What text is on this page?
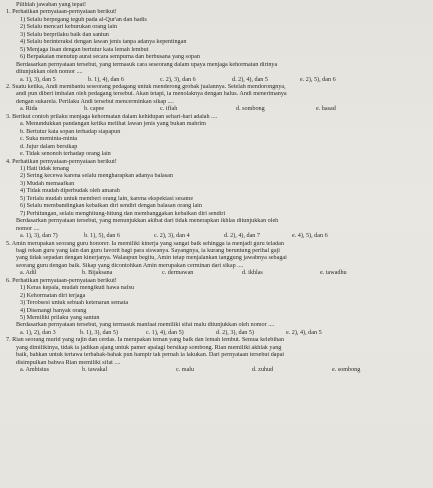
Pilihlah jawaban yang tepat!
1. Perhatikan pernyataan-pernyataan berikut!
1) Selalu berpegang teguh pada al-Qur'an dan hadis
2) Selalu mencari keburukan orang lain
3) Selalu berprilaku baik dan santun
4) Selalu berinteraksi dengan lawan jenis tanpa adanya kepentingan
5) Menjaga lisan dengan bertutur kata lemah lembut
6) Berpakaian menutup aurat secara sempurna dan berbusana yang sopan
Berdasarkan pernyataan tersebut, yang termasuk cara seseorang dalam upaya menjaga kehormatan dirinya
ditunjukkan oleh nomor ....
a. 1), 3), dan 5	b. 1), 4), dan 6	c. 2), 3), dan 6	d. 2), 4), dan 5	e. 2), 5), dan 6
2. Suatu ketika, Andi membantu seseorang pedagang untuk menderong grobak jualannya. Setelah mendorongnya,
andi pun diberi imbalan oleh pedagang tersebut. Akan tetapi, ia menolaknya dengan halus. Andi menerimanya
dengan sukarela. Perilaku Andi tersebut mencerminkan sikap ....
a. Rida	b. capee	c. iffah	d. sombong	e. hasad
3. Berikut contoh prilaku menjaga kehormatan dalam kehidupan sehari-hari adalah ....
a. Menundukkan pandangan ketika melihat lawan jenis yang bukan mahrim
b. Bertutur kata sopan terhadap siapapun
c. Suka meminta-minta
d. Jujur dalam bersikap
e. Tidak senonoh terhadap orang lain
4. Perhatikan pernyataan-pernyataan berikut!
1) Hati tidak tenang
2) Sering kecewa karena selalu mengharapkan adanya balasan
3) Mudah memaafkan
4) Tidak mudah diperbudak oleh amarah
5) Terlalu mudah untuk memberi orang lain, karena ekspektasi sesame
6) Selalu membandingkan kebaikan diri sendiri dengan balasan orang lain
7) Perhitungan, selalu menghitung-hitung dan membanggakan kebaikan diri sendiri
Berdasarkan pernyataan tersebut, yang menunjukkan akibat dari tidak menerapkan ikhlas ditunjukkan oleh
nomor ....
a. 1), 3), dan 7)	b. 1), 5), dan 6	c. 2), 3), dan 4	d. 2), 4), dan 7	e. 4), 5), dan 6
5. Amin merupakan seorang guru honorer. Ia memiliki kinerja yang sangat baik sehingga ia menjadi guru teladan
bagi rekan guru yang lain dan guru favorit bagi para siswanya. Sayangnya, ia kurang beruntung perihal gaji
yang tidak sepadan dengan kinerjanya. Walaupun begitu, Amin tetap menjalankan tanggung jawabnya sebagai
seorang guru dengan baik. Sikap yang dicontohkan Amin merupakan cerminan dari sikap ....
a. Adil	b. Bijaksana	c. dermawan	d. ikhlas	e. tawadhu
6. Perhatikan pernyataan-pernyataan berikut!
1) Keras kepala, mudah mengikuti hawa nafsu
2) Kehormatan diri terjaga
3) Terobsesi untuk sebuah ketenaran semata
4) Disenangi banyak orang
5) Memiliki prilaku yang santun
Berdasarkan pernyataan tersebut, yang termasuk manfaat memiliki sifat malu ditunjukkan oleh nomor ....
a. 1), 2), dan 3	b. 1), 3), dan 5)	c. 1), 4), dan 5)	d. 2), 3), dan 5)	e. 2), 4), dan 5
7. Rian seorang murid yang rajin dan cerdas. Ia merupakan teman yang baik dan lemah lembut. Semua kelebihan
yang dimilikinya, tidak ia jadikan ajang untuk pamer apalagi bersikap sombong. Rian memiliki akhlak yang
baik, bahkan untuk tertawa terbahak-bahak pun hampir tak pernah ia lakukan. Dari pernyataan tersebut dapat
disimpulkan bahwa Rian memiliki sifat ....
a. Ambisius	b. tawakal	c. malu	d. zuhud	e. sombong
